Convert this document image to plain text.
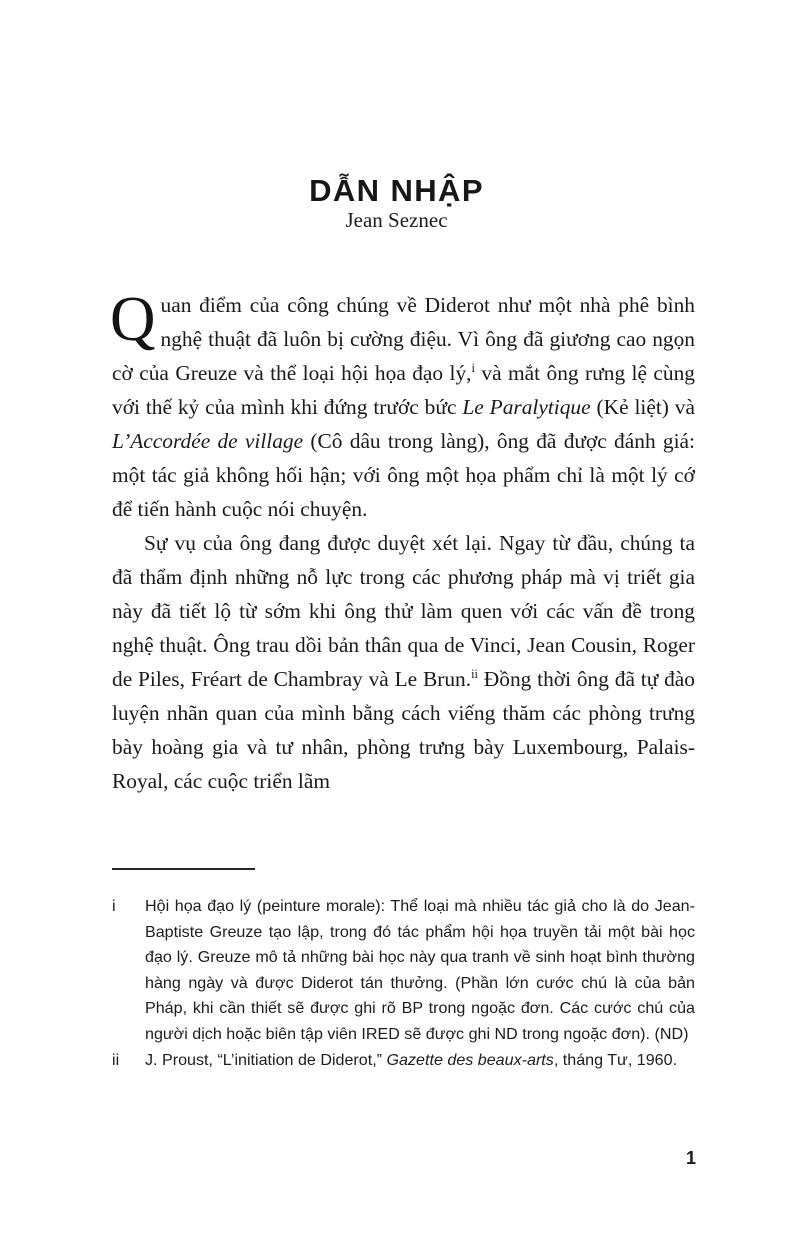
DẪN NHẬP
Jean Seznec

Quan điểm của công chúng về Diderot như một nhà phê bình nghệ thuật đã luôn bị cường điệu. Vì ông đã giương cao ngọn cờ của Greuze và thể loại hội họa đạo lý,$^i$ và mắt ông rưng lệ cùng với thế kỷ của mình khi đứng trước bức Le Paralytique (Kẻ liệt) và L’Accordée de village (Cô dâu trong làng), ông đã được đánh giá: một tác giả không hối hận; với ông một họa phẩm chỉ là một lý cớ để tiến hành cuộc nói chuyện.

Sự vụ của ông đang được duyệt xét lại. Ngay từ đầu, chúng ta đã thẩm định những nỗ lực trong các phương pháp mà vị triết gia này đã tiết lộ từ sớm khi ông thử làm quen với các vấn đề trong nghệ thuật. Ông trau dồi bản thân qua de Vinci, Jean Cousin, Roger de Piles, Fréart de Chambray và Le Brun.$^{ii}$ Đồng thời ông đã tự đào luyện nhãn quan của mình bằng cách viếng thăm các phòng trưng bày hoàng gia và tư nhân, phòng trưng bày Luxembourg, Palais-Royal, các cuộc triển lãm

i	Hội họa đạo lý (peinture morale): Thể loại mà nhiều tác giả cho là do Jean-Baptiste Greuze tạo lập, trong đó tác phẩm hội họa truyền tải một bài học đạo lý. Greuze mô tả những bài học này qua tranh về sinh hoạt bình thường hàng ngày và được Diderot tán thưởng. (Phần lớn cước chú là của bản Pháp, khi cần thiết sẽ được ghi rõ BP trong ngoặc đơn. Các cước chú của người dịch hoặc biên tập viên IRED sẽ được ghi ND trong ngoặc đơn). (ND)
ii	J. Proust, “L’initiation de Diderot,” Gazette des beaux-arts, tháng Tư, 1960.
1
